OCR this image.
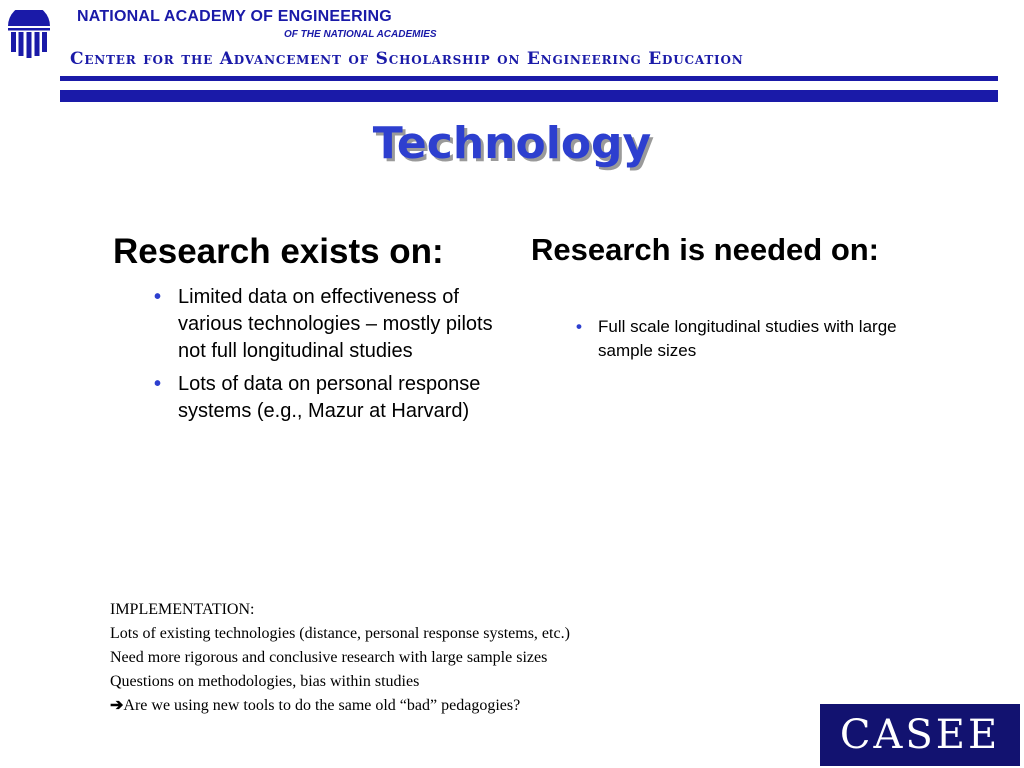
NATIONAL ACADEMY OF ENGINEERING
OF THE NATIONAL ACADEMIES
Center for the Advancement of Scholarship on Engineering Education
Technology
Research exists on:
• Limited data on effectiveness of various technologies – mostly pilots not full longitudinal studies
• Lots of data on personal response systems (e.g., Mazur at Harvard)
Research is needed on:
• Full scale longitudinal studies with large sample sizes
IMPLEMENTATION:
Lots of existing technologies (distance, personal response systems, etc.)
Need more rigorous and conclusive research with large sample sizes
Questions on methodologies, bias within studies
➔Are we using new tools to do the same old “bad” pedagogies?
CASEE
